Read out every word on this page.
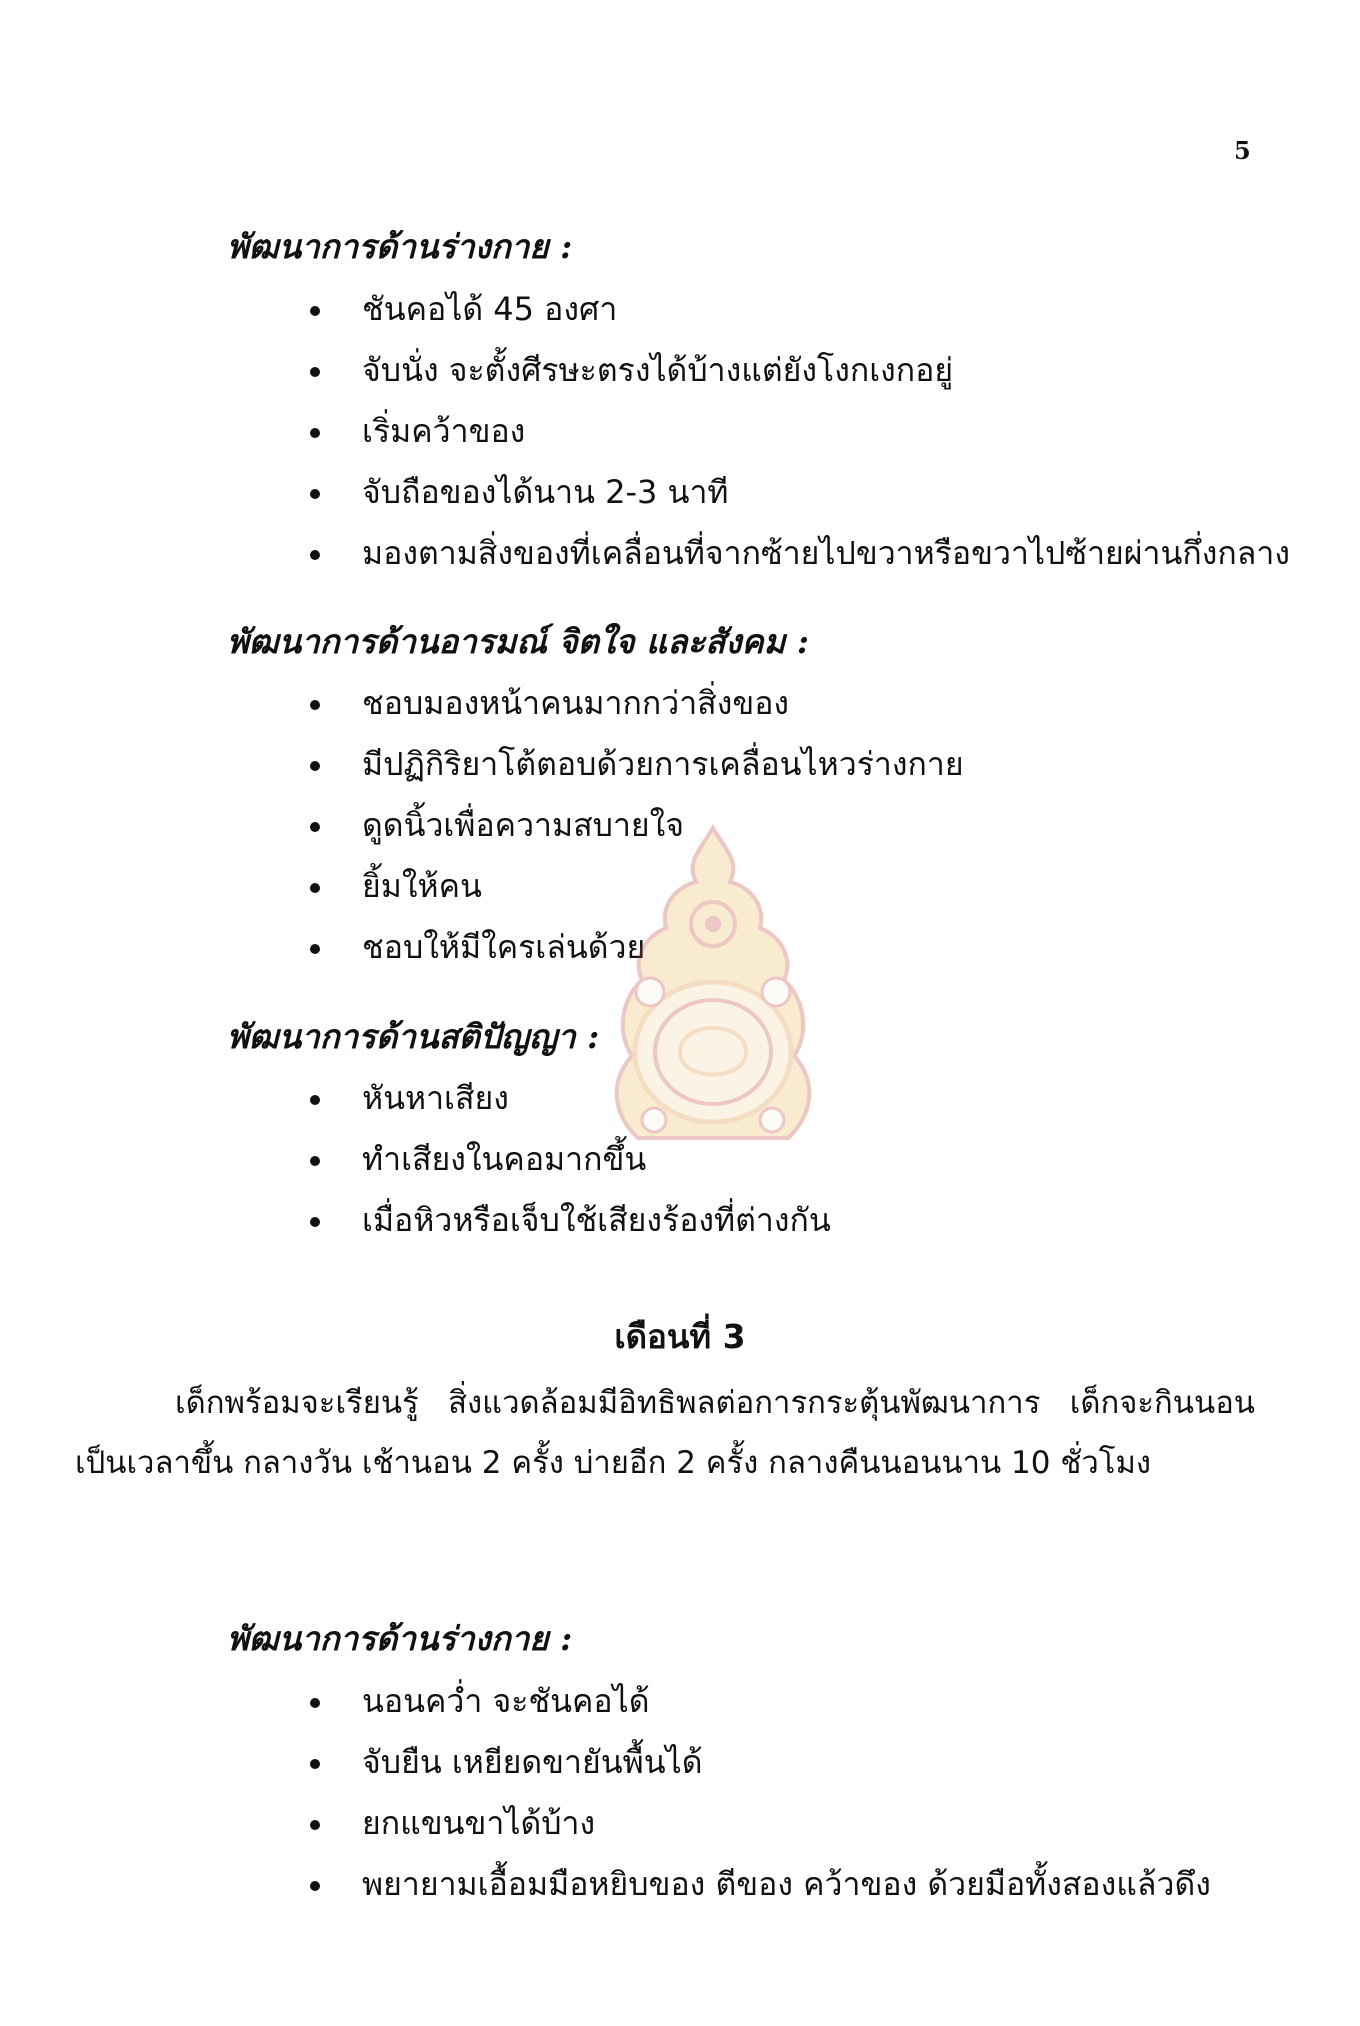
5
พัฒนาการด้านร่างกาย :
ชันคอได้ 45 องศา
จับนั่ง จะตั้งศีรษะตรงได้บ้างแต่ยังโงกเงกอยู่
เริ่มคว้าของ
จับถือของได้นาน 2-3 นาที
มองตามสิ่งของที่เคลื่อนที่จากซ้ายไปขวาหรือขวาไปซ้ายผ่านกึ่งกลาง
พัฒนาการด้านอารมณ์ จิตใจ และสังคม :
ชอบมองหน้าคนมากกว่าสิ่งของ
มีปฏิกิริยาโต้ตอบด้วยการเคลื่อนไหวร่างกาย
ดูดนิ้วเพื่อความสบายใจ
ยิ้มให้คน
ชอบให้มีใครเล่นด้วย
พัฒนาการด้านสติปัญญา :
หันหาเสียง
ทำเสียงในคอมากขึ้น
เมื่อหิวหรือเจ็บใช้เสียงร้องที่ต่างกัน
เดือนที่ 3

เด็กพร้อมจะเรียนรู้ สิ่งแวดล้อมมีอิทธิพลต่อการกระตุ้นพัฒนาการ เด็กจะกินนอนเป็นเวลาขึ้น กลางวัน เช้านอน 2 ครั้ง บ่ายอีก 2 ครั้ง กลางคืนนอนนาน 10 ชั่วโมง

พัฒนาการด้านร่างกาย :
นอนคว่ำ จะชันคอได้
จับยืน เหยียดขายันพื้นได้
ยกแขนขาได้บ้าง
พยายามเอื้อมมือหยิบของ ตีของ คว้าของ ด้วยมือทั้งสองแล้วดึง
